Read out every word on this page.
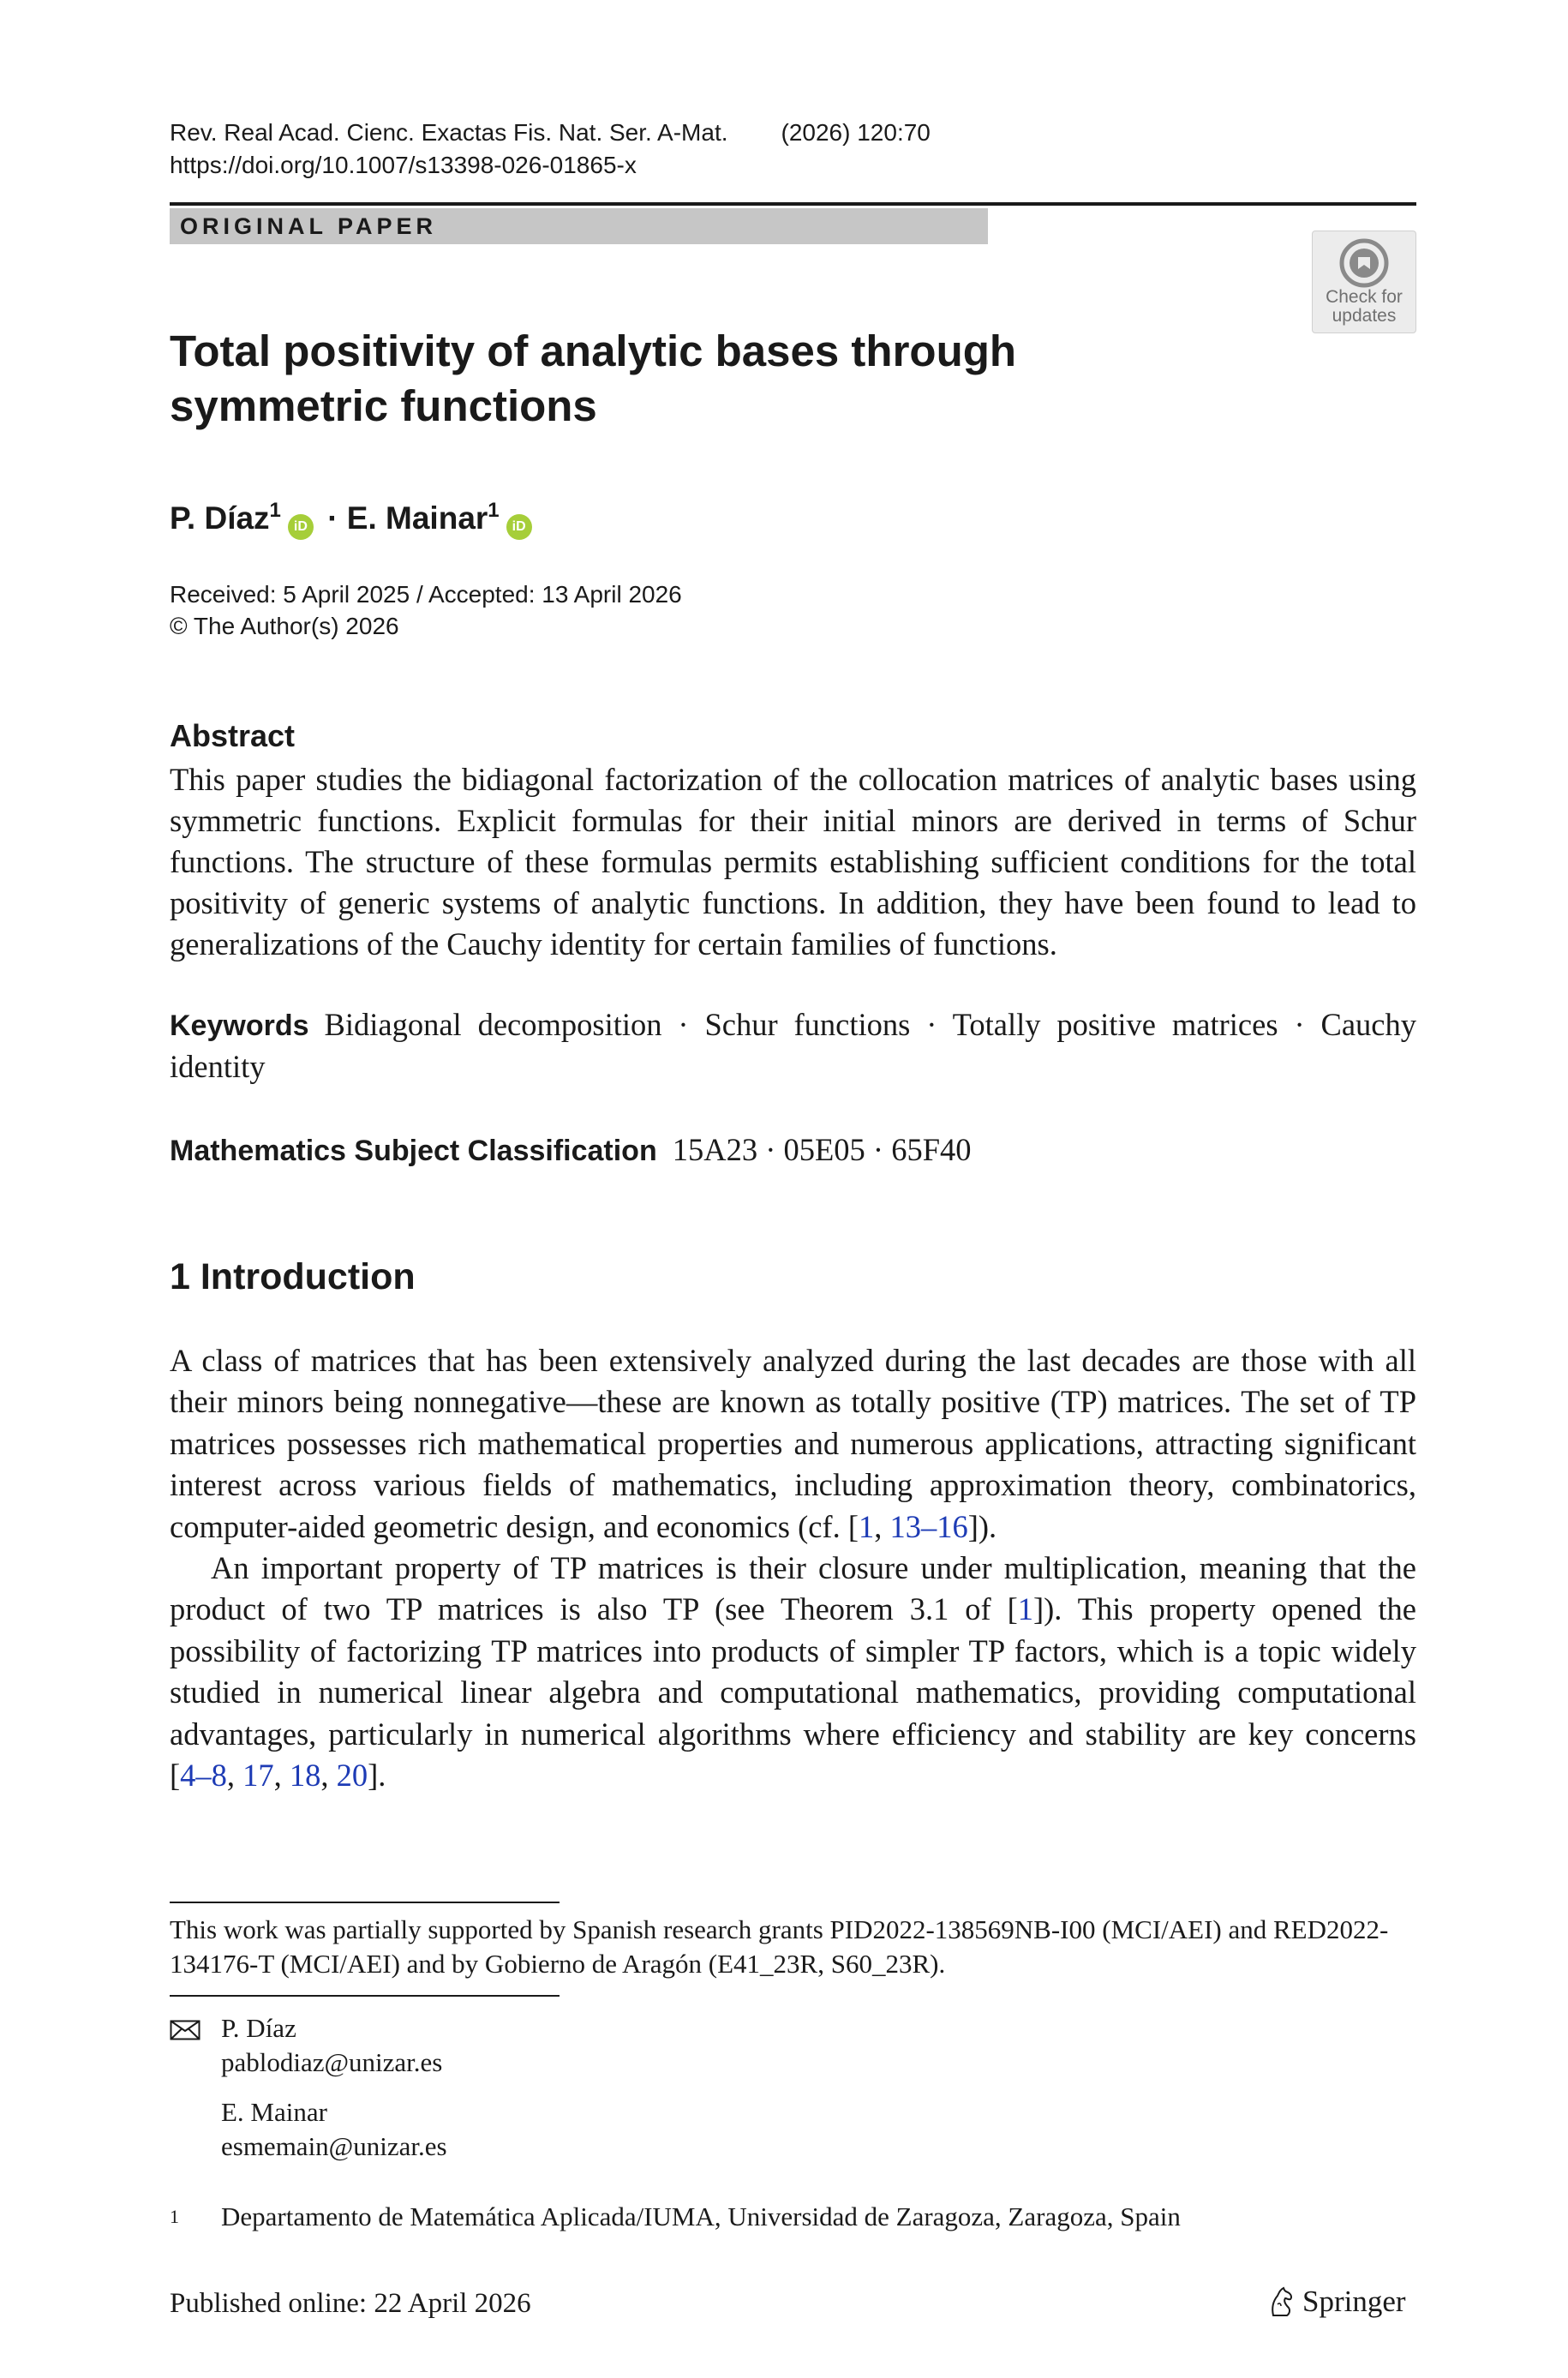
Rev. Real Acad. Cienc. Exactas Fis. Nat. Ser. A-Mat. (2026) 120:70
https://doi.org/10.1007/s13398-026-01865-x
ORIGINAL PAPER
Check for
updates
Total positivity of analytic bases through symmetric functions
P. Díaz$^1$iD · E. Mainar$^1$iD
Received: 5 April 2025 / Accepted: 13 April 2026
© The Author(s) 2026
Abstract
This paper studies the bidiagonal factorization of the collocation matrices of analytic bases using symmetric functions. Explicit formulas for their initial minors are derived in terms of Schur functions. The structure of these formulas permits establishing sufficient conditions for the total positivity of generic systems of analytic functions. In addition, they have been found to lead to generalizations of the Cauchy identity for certain families of functions.
Keywords Bidiagonal decomposition · Schur functions · Totally positive matrices · Cauchy identity
Mathematics Subject Classification 15A23 · 05E05 · 65F40
1 Introduction
A class of matrices that has been extensively analyzed during the last decades are those with all their minors being nonnegative—these are known as totally positive (TP) matrices. The set of TP matrices possesses rich mathematical properties and numerous applications, attracting significant interest across various fields of mathematics, including approximation theory, combinatorics, computer-aided geometric design, and economics (cf. [1, 13–16]).
An important property of TP matrices is their closure under multiplication, meaning that the product of two TP matrices is also TP (see Theorem 3.1 of [1]). This property opened the possibility of factorizing TP matrices into products of simpler TP factors, which is a topic widely studied in numerical linear algebra and computational mathematics, providing computational advantages, particularly in numerical algorithms where efficiency and stability are key concerns [4–8, 17, 18, 20].
This work was partially supported by Spanish research grants PID2022-138569NB-I00 (MCI/AEI) and RED2022-134176-T (MCI/AEI) and by Gobierno de Aragón (E41_23R, S60_23R).
P. Díaz
pablodiaz@unizar.es
E. Mainar
esmemain@unizar.es
$^1$ Departamento de Matemática Aplicada/IUMA, Universidad de Zaragoza, Zaragoza, Spain
Published online: 22 April 2026	Springer
